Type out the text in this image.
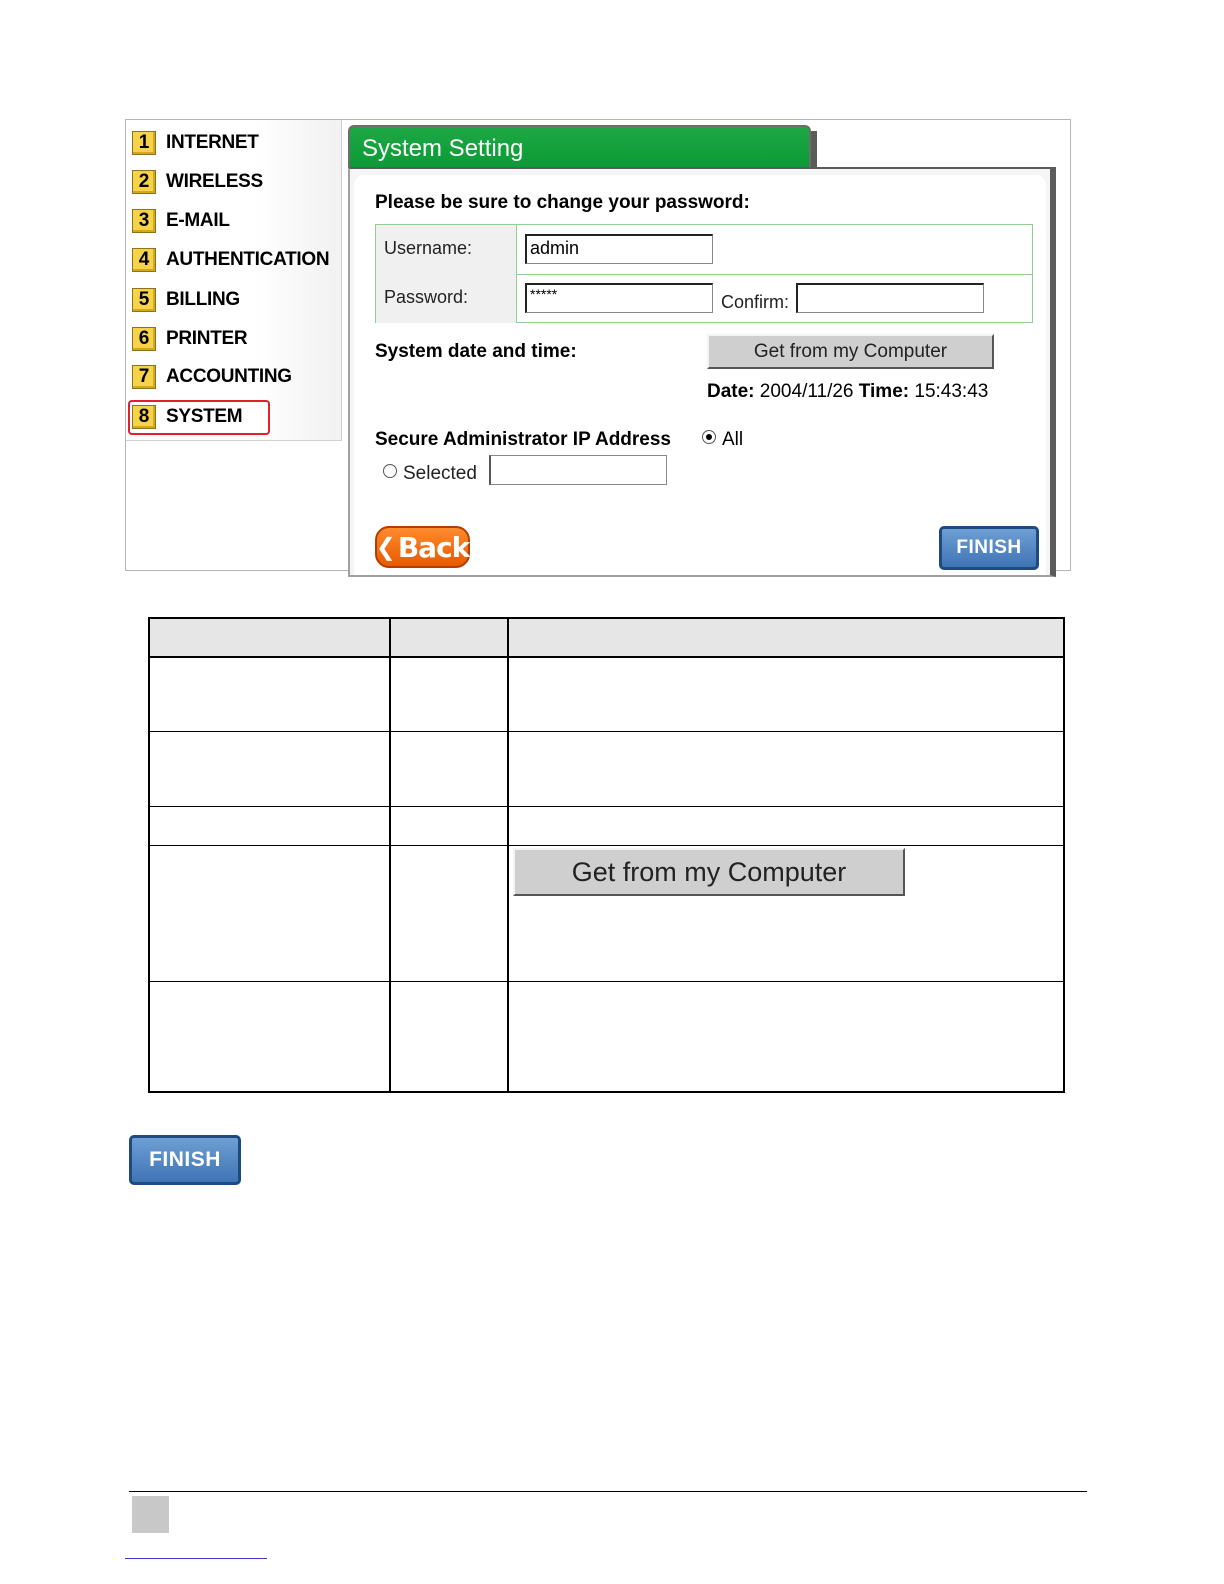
1 INTERNET
2 WIRELESS
3 E-MAIL
4 AUTHENTICATION
5 BILLING
6 PRINTER
7 ACCOUNTING
8 SYSTEM
System Setting
Please be sure to change your password:
Username:	admin
Password:	*****	Confirm:
System date and time:	Get from my Computer
Date: 2004/11/26 Time: 15:43:43
Secure Administrator IP Address	All
Selected
❮ Back	FINISH
Get from my Computer
FINISH
